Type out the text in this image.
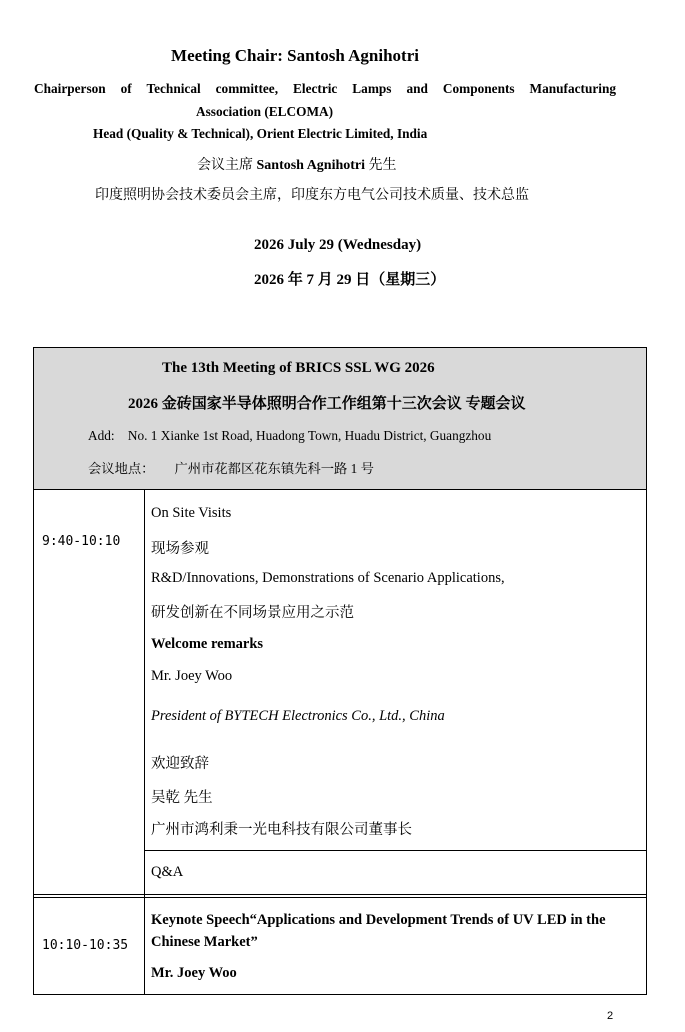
Meeting Chair: Santosh Agnihotri
Chairperson of Technical committee, Electric Lamps and Components Manufacturing
Association (ELCOMA)
Head (Quality & Technical), Orient Electric Limited, India
会议主席 Santosh Agnihotri 先生
印度照明协会技术委员会主席，印度东方电气公司技术质量、技术总监
2026 July 29 (Wednesday)
2026 年 7 月 29 日（星期三）
The 13th Meeting of BRICS SSL WG 2026
2026 金砖国家半导体照明合作工作组第十三次会议 专题会议
Add: No. 1 Xianke 1st Road, Huadong Town, Huadu District, Guangzhou
会议地点： 广州市花都区花东镇先科一路 1 号
9:40-10:10
On Site Visits
现场参观
R&D/Innovations, Demonstrations of Scenario Applications,
研发创新在不同场景应用之示范
Welcome remarks
Mr. Joey Woo
President of BYTECH Electronics Co., Ltd., China
欢迎致辞
吴乾 先生
广州市鸿利秉一光电科技有限公司董事长
Q&A
10:10-10:35
Keynote Speech“Applications and Development Trends of UV LED in the Chinese Market”
Mr. Joey Woo
2
